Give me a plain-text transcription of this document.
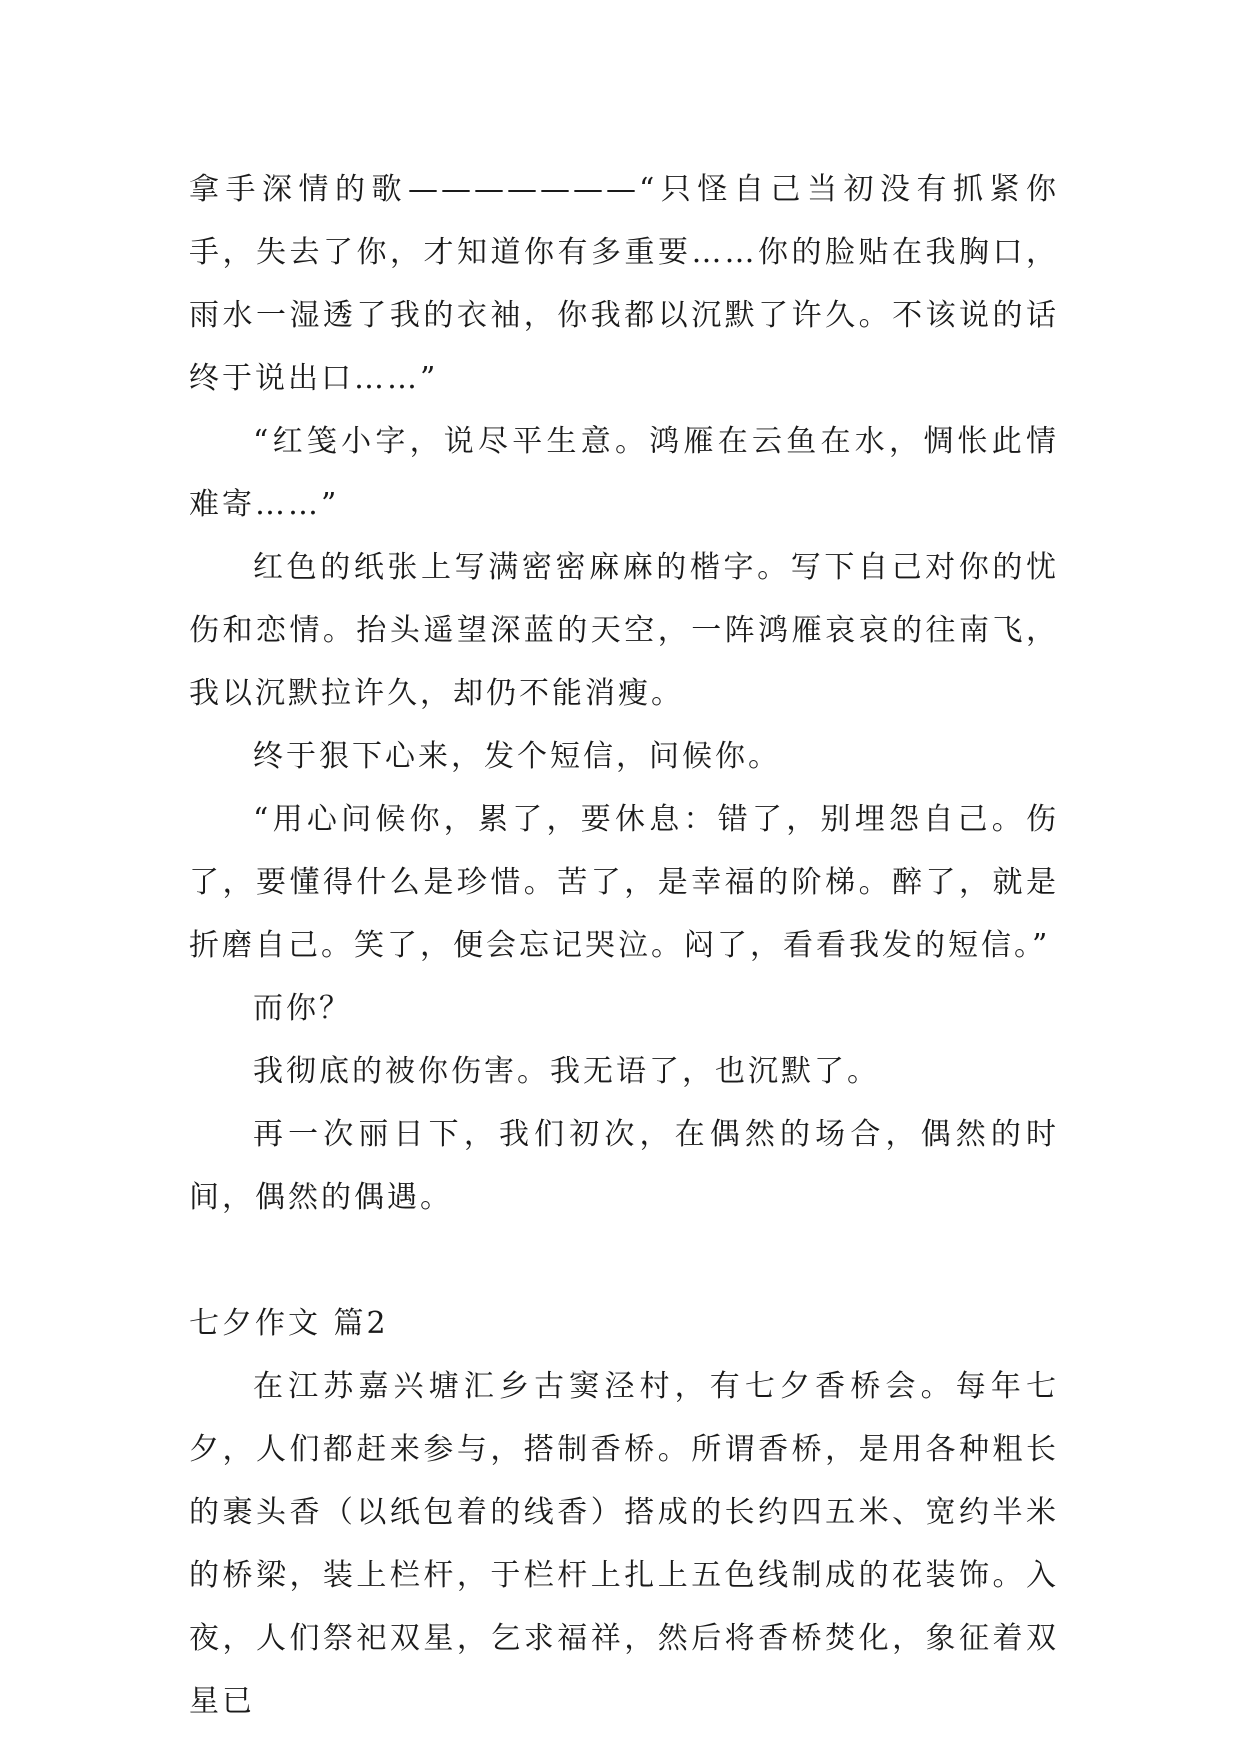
拿手深情的歌———————“只怪自己当初没有抓紧你手，失去了你，才知道你有多重要……你的脸贴在我胸口，雨水一湿透了我的衣袖，你我都以沉默了许久。不该说的话终于说出口……”

“红笺小字，说尽平生意。鸿雁在云鱼在水，惆怅此情难寄……”

红色的纸张上写满密密麻麻的楷字。写下自己对你的忧伤和恋情。抬头遥望深蓝的天空，一阵鸿雁哀哀的往南飞，我以沉默拉许久，却仍不能消瘦。

终于狠下心来，发个短信，问候你。

“用心问候你，累了，要休息：错了，别埋怨自己。伤了，要懂得什么是珍惜。苦了，是幸福的阶梯。醉了，就是折磨自己。笑了，便会忘记哭泣。闷了，看看我发的短信。”

而你？

我彻底的被你伤害。我无语了，也沉默了。

再一次丽日下，我们初次，在偶然的场合，偶然的时间，偶然的偶遇。

七夕作文 篇2

在江苏嘉兴塘汇乡古窦泾村，有七夕香桥会。每年七夕，人们都赶来参与，搭制香桥。所谓香桥，是用各种粗长的裹头香（以纸包着的线香）搭成的长约四五米、宽约半米的桥梁，装上栏杆，于栏杆上扎上五色线制成的花装饰。入夜，人们祭祀双星，乞求福祥，然后将香桥焚化，象征着双星已
